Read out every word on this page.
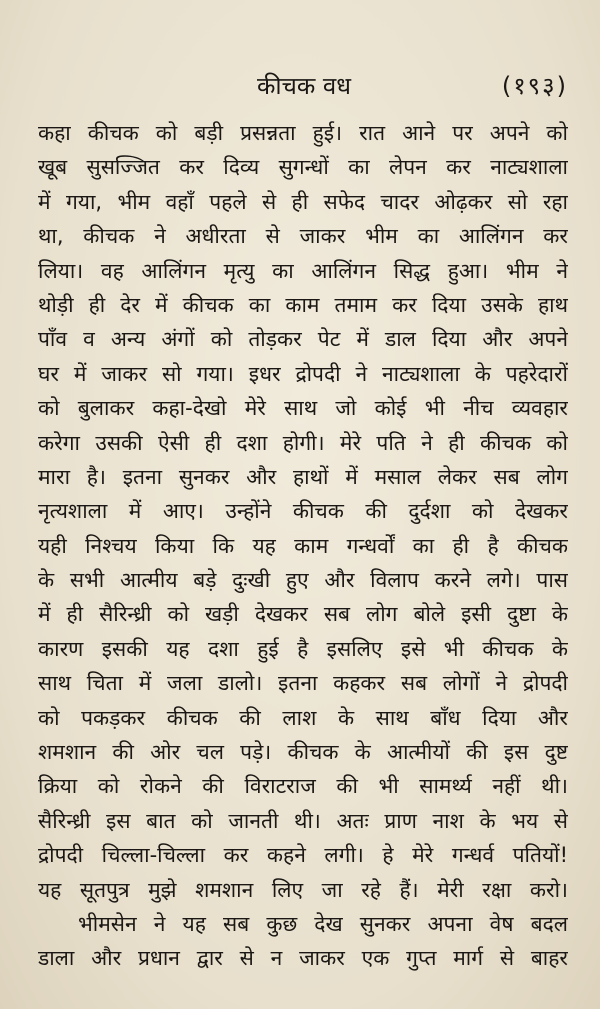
कीचक वध	(१९३)
कहा कीचक को बड़ी प्रसन्नता हुई। रात आने पर अपने को
खूब सुसज्जित कर दिव्य सुगन्धों का लेपन कर नाट्यशाला
में गया, भीम वहाँ पहले से ही सफेद चादर ओढ़कर सो रहा
था, कीचक ने अधीरता से जाकर भीम का आलिंगन कर
लिया। वह आलिंगन मृत्यु का आलिंगन सिद्ध हुआ। भीम ने
थोड़ी ही देर में कीचक का काम तमाम कर दिया उसके हाथ
पाँव व अन्य अंगों को तोड़कर पेट में डाल दिया और अपने
घर में जाकर सो गया। इधर द्रोपदी ने नाट्यशाला के पहरेदारों
को बुलाकर कहा-देखो मेरे साथ जो कोई भी नीच व्यवहार
करेगा उसकी ऐसी ही दशा होगी। मेरे पति ने ही कीचक को
मारा है। इतना सुनकर और हाथों में मसाल लेकर सब लोग
नृत्यशाला में आए। उन्होंने कीचक की दुर्दशा को देखकर
यही निश्चय किया कि यह काम गन्धर्वों का ही है कीचक
के सभी आत्मीय बड़े दुःखी हुए और विलाप करने लगे। पास
में ही सैरिन्ध्री को खड़ी देखकर सब लोग बोले इसी दुष्टा के
कारण इसकी यह दशा हुई है इसलिए इसे भी कीचक के
साथ चिता में जला डालो। इतना कहकर सब लोगों ने द्रोपदी
को पकड़कर कीचक की लाश के साथ बाँध दिया और
शमशान की ओर चल पड़े। कीचक के आत्मीयों की इस दुष्ट
क्रिया को रोकने की विराटराज की भी सामर्थ्य नहीं थी।
सैरिन्ध्री इस बात को जानती थी। अतः प्राण नाश के भय से
द्रोपदी चिल्ला-चिल्ला कर कहने लगी। हे मेरे गन्धर्व पतियों!
यह सूतपुत्र मुझे शमशान लिए जा रहे हैं। मेरी रक्षा करो।
भीमसेन ने यह सब कुछ देख सुनकर अपना वेष बदल
डाला और प्रधान द्वार से न जाकर एक गुप्त मार्ग से बाहर
